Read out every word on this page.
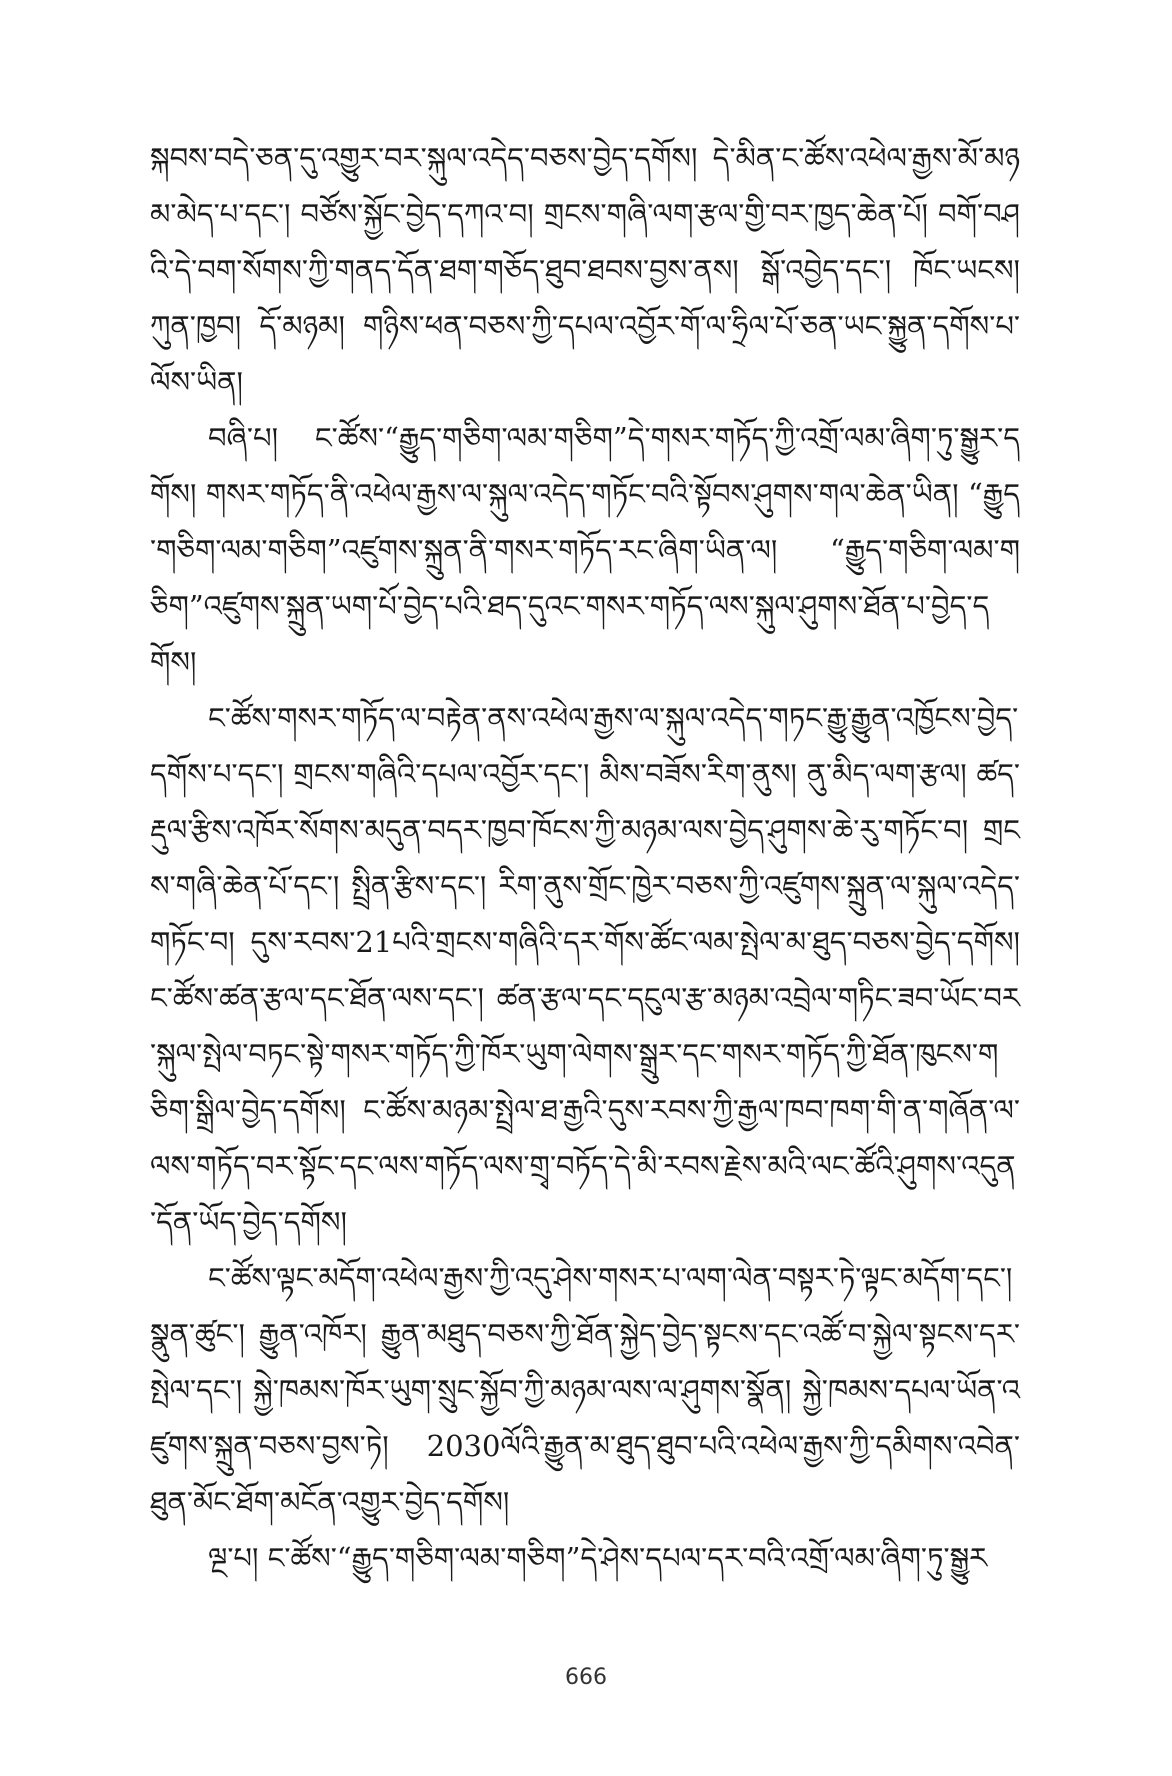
སྐབས་བདེ་ཅན་དུ་འགྱུར་བར་སྐུལ་འདེད་བཅས་བྱེད་དགོས། དེ་མིན་ང་ཚོས་འཕེལ་རྒྱས་མོ་མཉམ་མེད་པ་དང་། བཙོས་སྐྱོང་བྱེད་དཀའ་བ། གྲངས་གཞི་ལག་རྩལ་གྱི་བར་ཁྱད་ཆེན་པོ། བགོ་བཤའི་དེ་བག་སོགས་ཀྱི་གནད་དོན་ཐག་གཅོད་ཐུབ་ཐབས་བྱས་ནས། སྒོ་འབྱེད་དང་། ཁོང་ཡངས། ཀུན་ཁྱབ། དོ་མཉམ། གཉིས་ཕན་བཅས་ཀྱི་དཔལ་འབྱོར་གོ་ལ་ཧྲིལ་པོ་ཅན་ཡང་སྐྱུན་དགོས་པ་ལོས་ཡིན།

བཞི་པ། ང་ཚོས་“རྒྱུད་གཅིག་ལམ་གཅིག”དེ་གསར་གཏོད་ཀྱི་འགྲོ་ལམ་ཞིག་ཏུ་སྒྱུར་དགོས། གསར་གཏོད་ནི་འཕེལ་རྒྱས་ལ་སྐུལ་འདེད་གཏོང་བའི་སྟོབས་ཤུགས་གལ་ཆེན་ཡིན། “རྒྱུད་གཅིག་ལམ་གཅིག”འཛུགས་སྐྲུན་ནི་གསར་གཏོད་རང་ཞིག་ཡིན་ལ། “རྒྱུད་གཅིག་ལམ་གཅིག”འཛུགས་སྐྲུན་ཡག་པོ་བྱེད་པའི་ཐད་དུའང་གསར་གཏོད་ལས་སྐུལ་ཤུགས་ཐོན་པ་བྱེད་དགོས།

ང་ཚོས་གསར་གཏོད་ལ་བརྟེན་ནས་འཕེལ་རྒྱས་ལ་སྐུལ་འདེད་གཏང་རྒྱུ་རྒྱུན་འཁྱོངས་བྱེད་དགོས་པ་དང་། གྲངས་གཞིའི་དཔལ་འབྱོར་དང་། མིས་བཟོས་རིག་ནུས། ནུ་མིད་ལག་རྩལ། ཚད་རྡུལ་རྩིས་འཁོར་སོགས་མདུན་བདར་ཁྱབ་ཁོངས་ཀྱི་མཉམ་ལས་བྱེད་ཤུགས་ཆེ་རུ་གཏོང་བ། གྲངས་གཞི་ཆེན་པོ་དང་། སྤྲིན་རྩིས་དང་། རིག་ནུས་གྲོང་ཁྱེར་བཅས་ཀྱི་འཛུགས་སྐྲུན་ལ་སྐུལ་འདེད་གཏོང་བ། དུས་རབས་21པའི་གྲངས་གཞིའི་དར་གོས་ཚོང་ལམ་སྤེལ་མ་ཐུད་བཅས་བྱེད་དགོས། ང་ཚོས་ཚན་རྩལ་དང་ཐོན་ལས་དང་། ཚན་རྩལ་དང་དངུལ་རྩ་མཉམ་འབྲེལ་གཏིང་ཟབ་ཡོང་བར་སྐུལ་སྤེལ་བཏང་སྟེ་གསར་གཏོད་ཀྱི་ཁོར་ཡུག་ལེགས་སྒྲུར་དང་གསར་གཏོད་ཀྱི་ཐོན་ཁུངས་གཅིག་སྒྲིལ་བྱེད་དགོས། ང་ཚོས་མཉམ་སྤྲེལ་ཐ་རྒྱའི་དུས་རབས་ཀྱི་རྒྱལ་ཁབ་ཁག་གི་ན་གཞོན་ལ་ལས་གཏོད་བར་སྟོང་དང་ལས་གཏོད་ལས་གྲྭ་བཏོད་དེ་མི་རབས་རྗེས་མའི་ལང་ཚོའི་ཤུགས་འདུན་དོན་ཡོད་བྱེད་དགོས།

ང་ཚོས་ལྟང་མདོག་འཕེལ་རྒྱས་ཀྱི་འདུ་ཤེས་གསར་པ་ལག་ལེན་བསྟར་ཏེ་ལྟང་མདོག་དང་། སྣུན་ཚུང་། རྒྱུན་འཁོར། རྒྱུན་མཐུད་བཅས་ཀྱི་ཐོན་སྐྱེད་བྱེད་སྟངས་དང་འཚོ་བ་སྐྱེལ་སྟངས་དར་སྤེལ་དང་། སྐྱེ་ཁམས་ཁོར་ཡུག་སྲུང་སྐྱོབ་ཀྱི་མཉམ་ལས་ལ་ཤུགས་སྣོན། སྐྱེ་ཁམས་དཔལ་ཡོན་འཛུགས་སྐྲུན་བཅས་བྱས་ཏེ། 2030ལོའི་རྒྱུན་མ་ཐུད་ཐུབ་པའི་འཕེལ་རྒྱས་ཀྱི་དམིགས་འབེན་ཐུན་མོང་ཐོག་མངོན་འགྱུར་བྱེད་དགོས།

ལྔ་པ། ང་ཚོས་“རྒྱུད་གཅིག་ལམ་གཅིག”དེ་ཤེས་དཔལ་དར་བའི་འགྲོ་ལམ་ཞིག་ཏུ་སྒྱུར

666
